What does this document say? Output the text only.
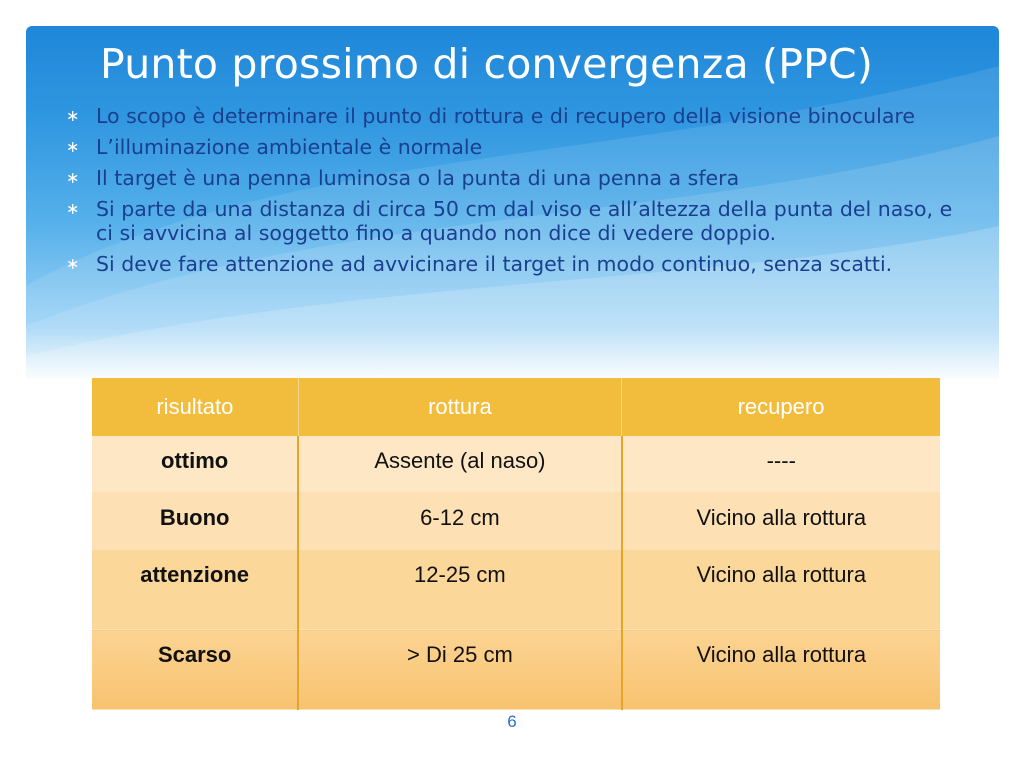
Punto prossimo di convergenza (PPC)
∗ Lo scopo è determinare il punto di rottura e di recupero della visione binoculare
∗ L’illuminazione ambientale è normale
∗ Il target è una penna luminosa o la punta di una penna a sfera
∗ Si parte da una distanza di circa 50 cm dal viso e all’altezza della punta del naso, e ci si avvicina al soggetto fino a quando non dice di vedere doppio.
∗ Si deve fare attenzione ad avvicinare il target in modo continuo, senza scatti.
risultato	rottura	recupero
ottimo	Assente (al naso)	----
Buono	6-12 cm	Vicino alla rottura
attenzione	12-25 cm	Vicino alla rottura
Scarso	> Di 25 cm	Vicino alla rottura
6
